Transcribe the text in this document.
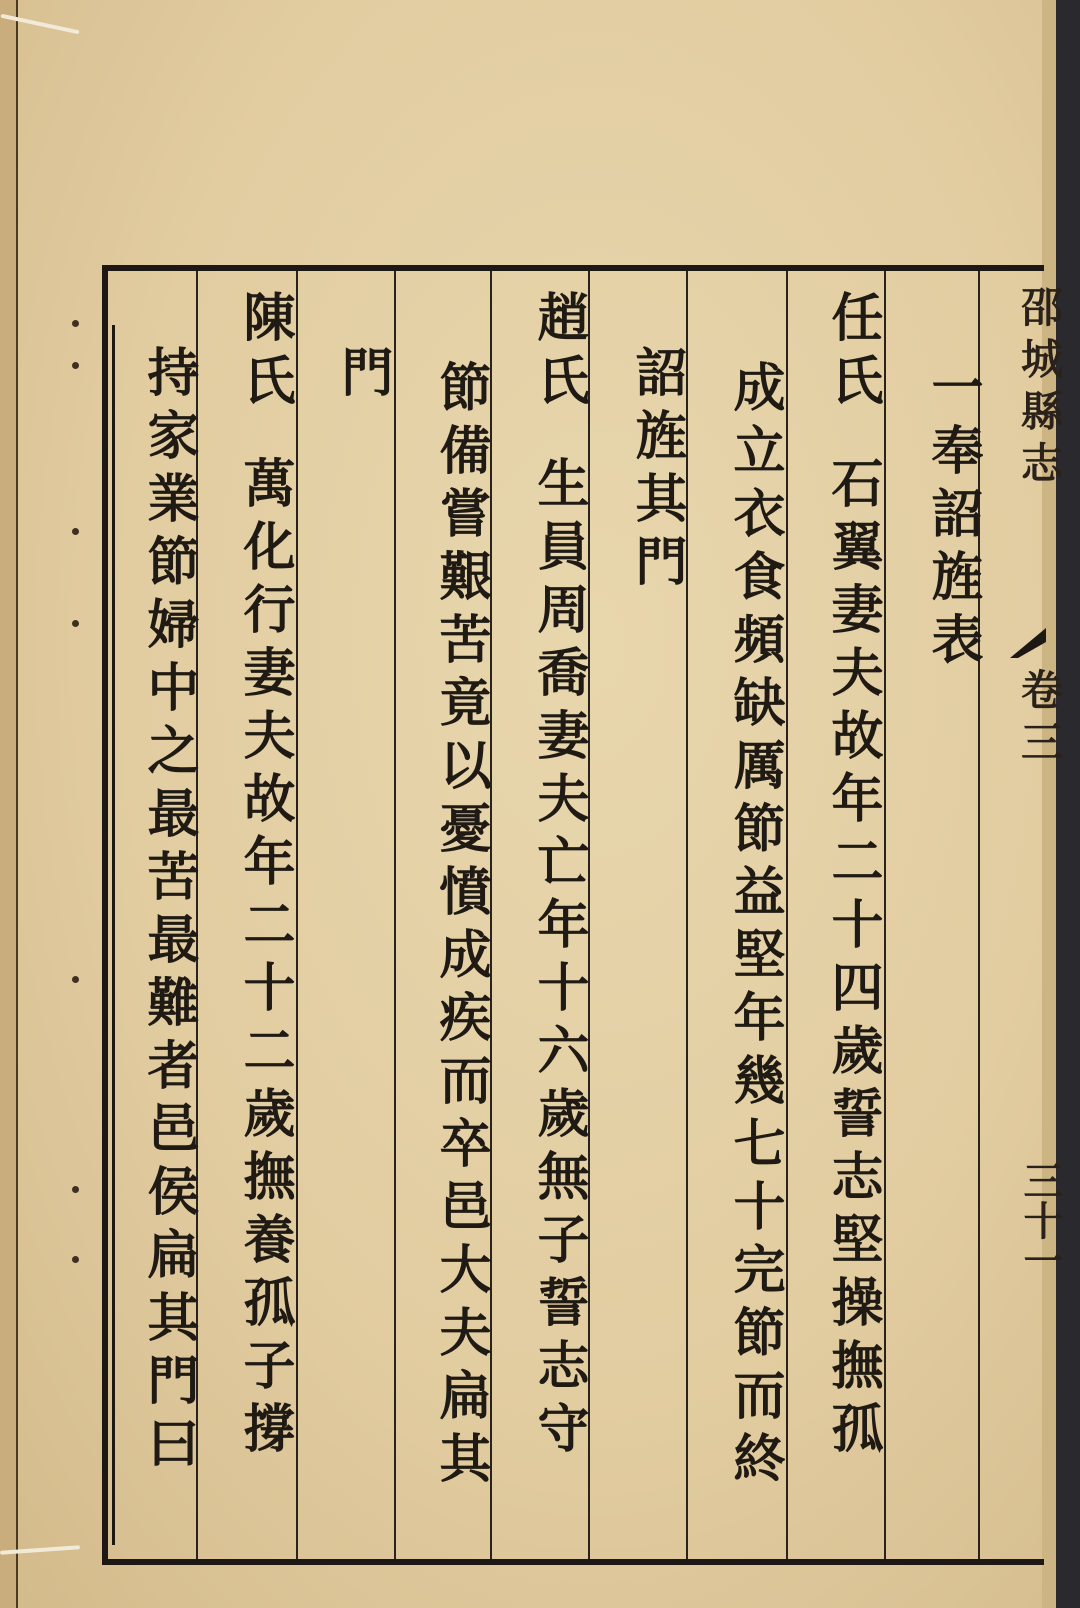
邵城縣志
卷三
三十一
一奉詔旌表
任氏石翼妻夫故年二十四歲誓志堅操撫孤
成立衣食頻缺厲節益堅年幾七十完節而終
詔旌其門
趙氏生員周喬妻夫亡年十六歲無子誓志守
節備嘗艱苦竟以憂憤成疾而卒邑大夫扁其
門
陳氏萬化行妻夫故年二十二歲撫養孤子撐
持家業節婦中之最苦最難者邑侯扁其門曰
